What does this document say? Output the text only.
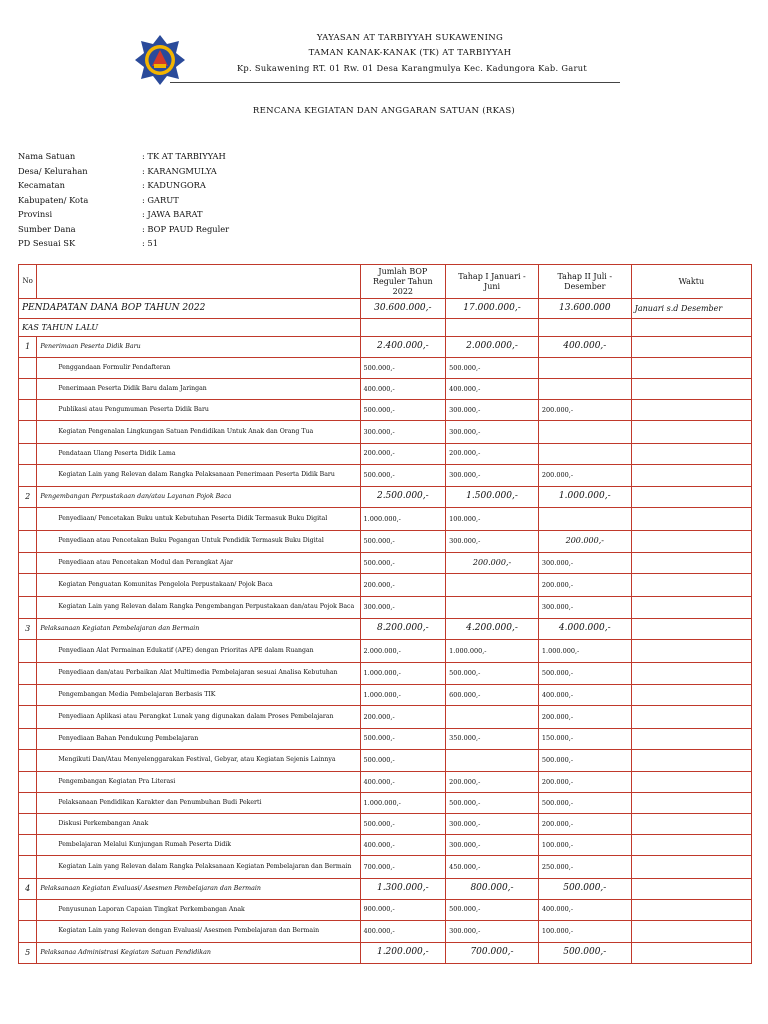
YAYASAN AT TARBIYYAH SUKAWENING
TAMAN KANAK-KANAK (TK) AT TARBIYYAH
Kp. Sukawening RT. 01 Rw. 01 Desa Karangmulya Kec. Kadungora Kab. Garut
RENCANA KEGIATAN DAN ANGGARAN SATUAN (RKAS)
Nama Satuan	: TK AT TARBIYYAH
Desa/ Kelurahan	: KARANGMULYA
Kecamatan	: KADUNGORA
Kabupaten/ Kota	: GARUT
Provinsi	: JAWA BARAT
Sumber Dana	: BOP PAUD Reguler
PD Sesuai SK	: 51
No		Jumlah BOP Reguler Tahun 2022	Tahap I Januari - Juni	Tahap II Juli - Desember	Waktu
PENDAPATAN DANA BOP TAHUN 2022		30.600.000,-	17.000.000,-	13.600.000	Januari s.d Desember
KAS TAHUN LALU					
1	Penerimaan Peserta Didik Baru	2.400.000,-	2.000.000,-	400.000,-	
	Penggandaan Formulir Pendafteran	500.000,-	500.000,-		
	Penerimaan Peserta Didik Baru dalam Jaringan	400.000,-	400.000,-		
	Publikasi atau Pengumuman Peserta Didik Baru	500.000,-	300.000,-	200.000,-	
	Kegiatan Pengenalan Lingkungan Satuan Pendidikan Untuk Anak dan Orang Tua	300.000,-	300.000,-		
	Pendataan Ulang Peserta Didik Lama	200.000,-	200.000,-		
	Kegiatan Lain yang Relevan dalam Rangka Pelaksanaan Penerimaan Peserta Didik Baru	500.000,-	300.000,-	200.000,-	
2	Pengembangan Perpustakaan dan/atau Layanan Pojok Baca	2.500.000,-	1.500.000,-	1.000.000,-	
	Penyediaan/ Pencetakan Buku untuk Kebutuhan Peserta Didik Termasuk Buku Digital	1.000.000,-	100.000,-		
	Penyediaan atau Pencetakan Buku Pegangan Untuk Pendidik Termasuk Buku Digital	500.000,-	300.000,-	200.000,-	
	Penyediaan atau Pencetakan Modul dan Perangkat Ajar	500.000,-	200.000,-	300.000,-	
	Kegiatan Penguatan Komunitas Pengelola Perpustakaan/ Pojok Baca	200.000,-		200.000,-	
	Kegiatan Lain yang Relevan dalam Rangka Pengembangan Perpustakaan dan/atau Pojok Baca	300.000,-		300.000,-	
3	Pelaksanaan Kegiatan Pembelajaran dan Bermain	8.200.000,-	4.200.000,-	4.000.000,-	
	Penyediaan Alat Permainan Edukatif (APE) dengan Prioritas APE dalam Ruangan	2.000.000,-	1.000.000,-	1.000.000,-	
	Penyediaan dan/atau Perbaikan Alat Multimedia Pembelajaran sesuai Analisa Kebutuhan	1.000.000,-	500.000,-	500.000,-	
	Pengembangan Media Pembelajaran Berbasis TIK	1.000.000,-	600.000,-	400.000,-	
	Penyediaan Aplikasi atau Perangkat Lunak yang digunakan dalam Proses Pembelajaran	200.000,-		200.000,-	
	Penyediaan Bahan Pendukung Pembelajaran	500.000,-	350.000,-	150.000,-	
	Mengikuti Dan/Atau Menyelenggarakan Festival, Gebyar, atau Kegiatan Sejenis Lainnya	500.000,-		500.000,-	
	Pengembangan Kegiatan Pra Literasi	400.000,-	200.000,-	200.000,-	
	Pelaksanaan Pendidikan Karakter dan Penumbuhan Budi Pekerti	1.000.000,-	500.000,-	500.000,-	
	Diskusi Perkembangan Anak	500.000,-	300.000,-	200.000,-	
	Pembelajaran Melalui Kunjungan Rumah Peserta Didik	400.000,-	300.000,-	100.000,-	
	Kegiatan Lain yang Relevan dalam Rangka Pelaksanaan Kegiatan Pembelajaran dan Bermain	700.000,-	450.000,-	250.000,-	
4	Pelaksanaan Kegiatan Evaluasi/ Asesmen Pembelajaran dan Bermain	1.300.000,-	800.000,-	500.000,-	
	Penyusunan Laporan Capaian Tingkat Perkembangan Anak	900.000,-	500.000,-	400.000,-	
	Kegiatan Lain yang Relevan dengan Evaluasi/ Asesmen Pembelajaran dan Bermain	400.000,-	300.000,-	100.000,-	
5	Pelaksanaa Administrasi Kegiatan Satuan Pendidikan	1.200.000,-	700.000,-	500.000,-	
